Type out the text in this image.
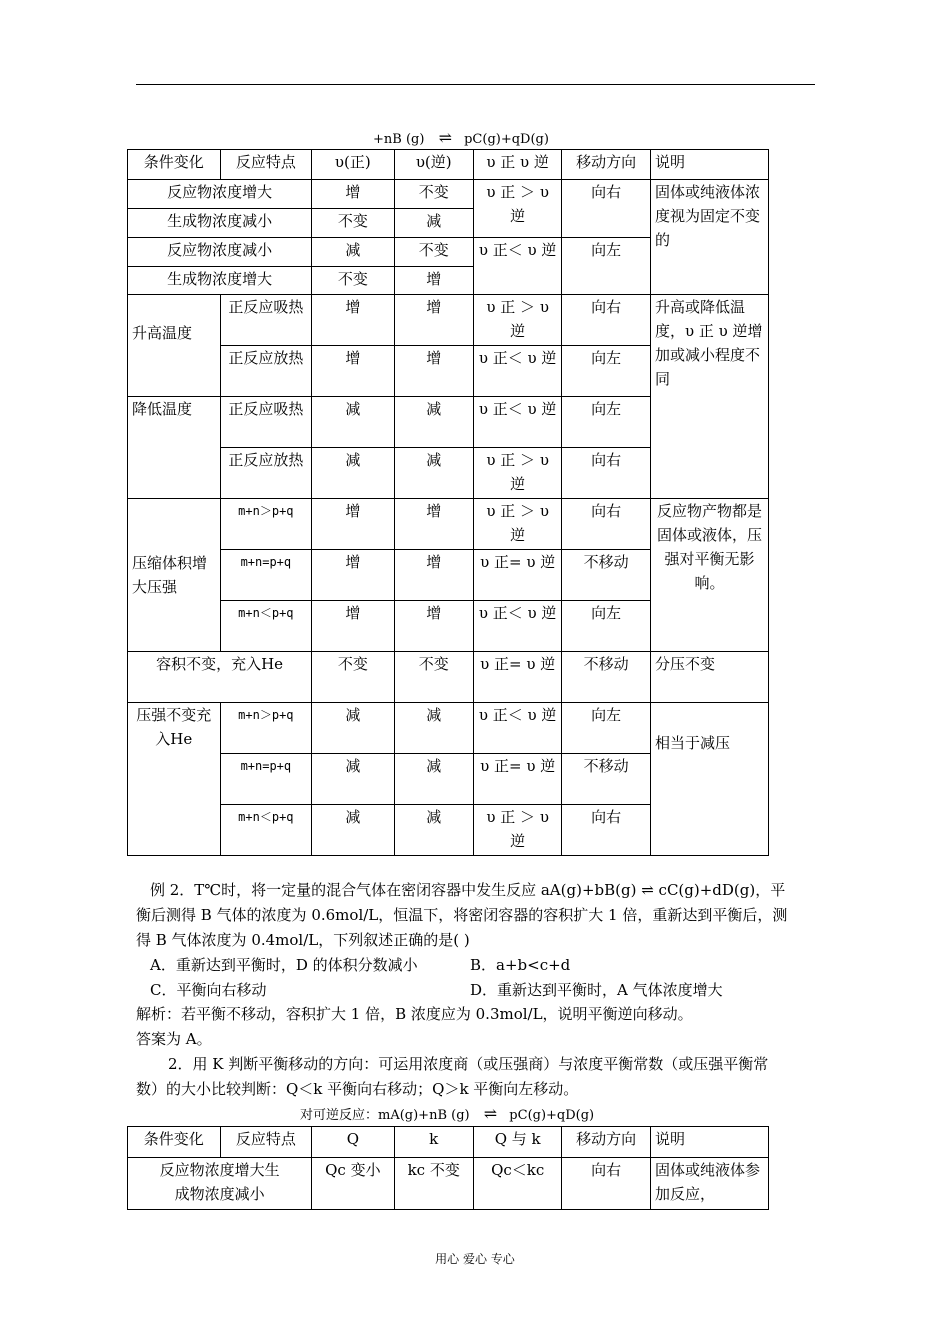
+nB (g) ⇌ pC(g)+qD(g)
条件变化	反应特点	υ(正)	υ(逆)	υ 正 υ 逆	移动方向	说明
反应物浓度增大		增	不变	υ 正 ＞ υ 逆	向右	固体或纯液体浓度视为固定不变的
生成物浓度减小		不变	减			
反应物浓度减小		减	不变	υ 正＜ υ 逆	向左	
生成物浓度增大		不变	增			
升高温度	正反应吸热	增	增	υ 正 ＞ υ 逆	向右	升高或降低温度，υ 正 υ 逆增加或减小程度不同
	正反应放热	增	增	υ 正＜ υ 逆	向左	
降低温度	正反应吸热	减	减	υ 正＜ υ 逆	向左	
	正反应放热	减	减	υ 正 ＞ υ 逆	向右	
压缩体积增大压强	m+n＞p+q	增	增	υ 正 ＞ υ 逆	向右	反应物产物都是固体或液体，压强对平衡无影响。
	m+n=p+q	增	增	υ 正= υ 逆	不移动	
	m+n＜p+q	增	增	υ 正＜ υ 逆	向左	
容积不变，充入He		不变	不变	υ 正= υ 逆	不移动	分压不变
压强不变充入He	m+n＞p+q	减	减	υ 正＜ υ 逆	向左	相当于减压
	m+n=p+q	减	减	υ 正= υ 逆	不移动	
	m+n＜p+q	减	减	υ 正 ＞ υ 逆	向右	
例 2．T℃时，将一定量的混合气体在密闭容器中发生反应 aA(g)+bB(g) ⇌ cC(g)+dD(g)，平
衡后测得 B 气体的浓度为 0.6mol/L，恒温下，将密闭容器的容积扩大 1 倍，重新达到平衡后，测
得 B 气体浓度为 0.4mol/L，下列叙述正确的是( )
A．重新达到平衡时，D 的体积分数减小	B．a+b<c+d
C．平衡向右移动	D．重新达到平衡时，A 气体浓度增大
解析：若平衡不移动，容积扩大 1 倍，B 浓度应为 0.3mol/L，说明平衡逆向移动。
答案为 A。
2．用 K 判断平衡移动的方向：可运用浓度商（或压强商）与浓度平衡常数（或压强平衡常
数）的大小比较判断：Q＜k 平衡向右移动；Q＞k 平衡向左移动。
对可逆反应：mA(g)+nB (g) ⇌ pC(g)+qD(g)
条件变化	反应特点	Q	k	Q 与 k	移动方向	说明
反应物浓度增大生成物浓度减小		Qc 变小	kc 不变	Qc＜kc	向右	固体或纯液体参加反应，
用心 爱心 专心
